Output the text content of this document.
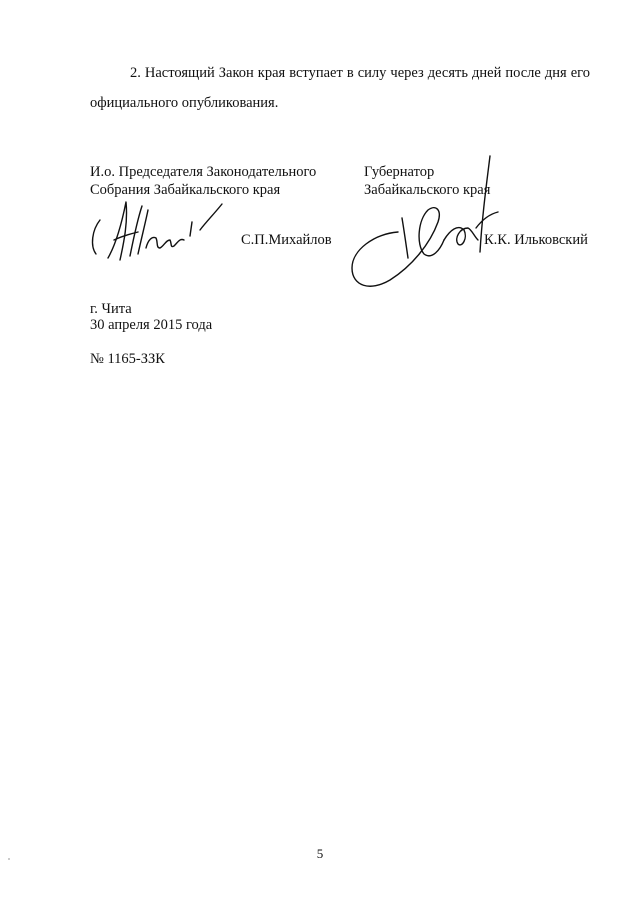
2. Настоящий Закон края вступает в силу через десять дней после дня его официального опубликования.

И.о. Председателя Законодательного
Собрания Забайкальского края
С.П.Михайлов
Губернатор
Забайкальского края
К.К. Ильковский
г. Чита
30 апреля 2015 года
№ 1165-ЗЗК
5
